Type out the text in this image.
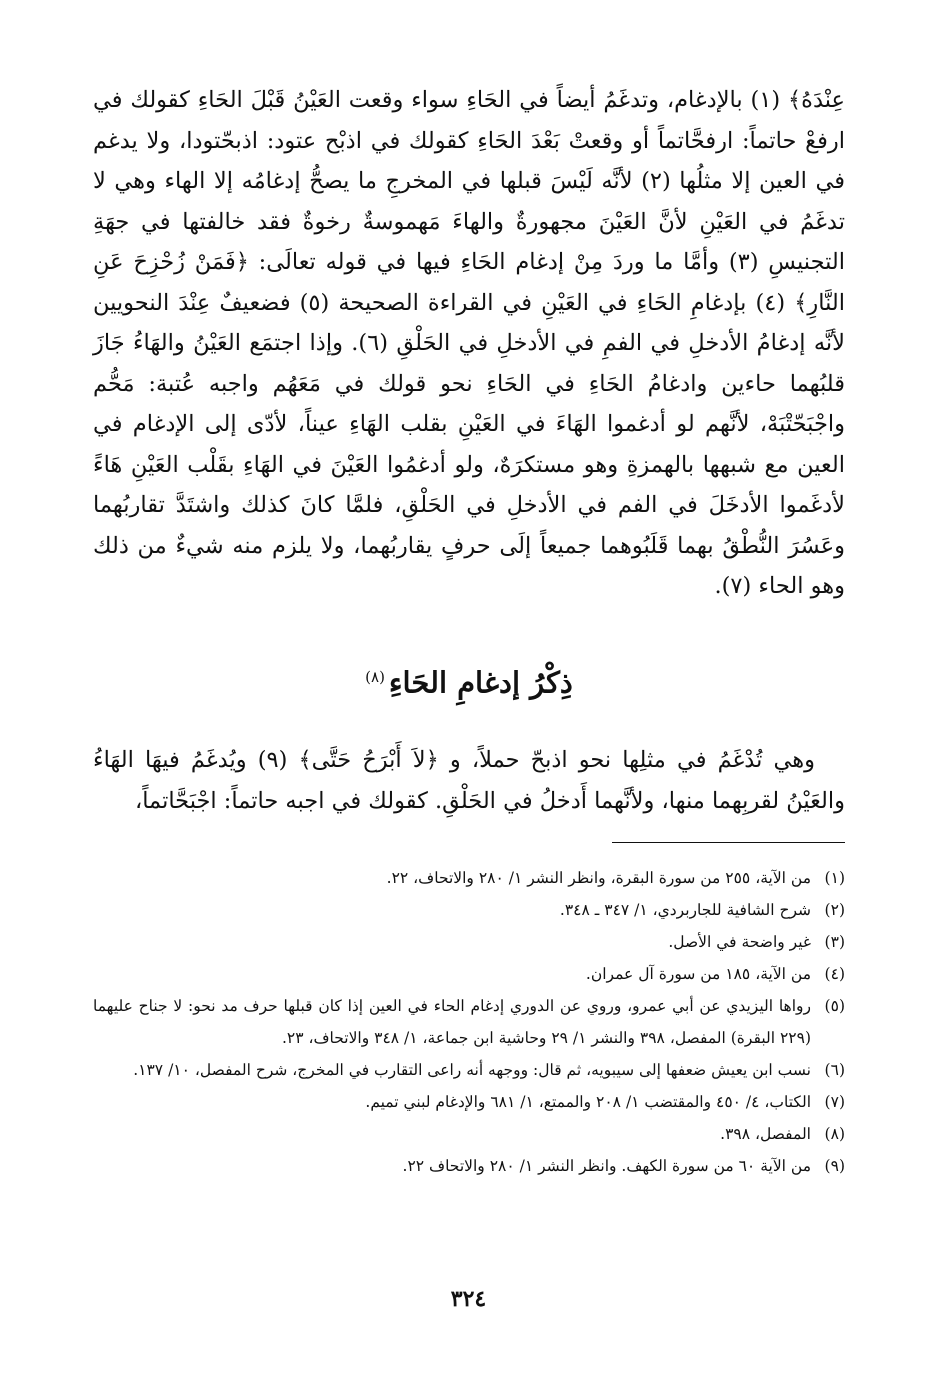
عِنْدَهُ﴾ (١) بالإدغام، وتدغَمُ أيضاً في الحَاءِ سواء وقعت العَيْنُ قَبْلَ الحَاءِ كقولك في ارفعْ حاتماً: ارفحَّاتماً أو وقعتْ بَعْدَ الحَاءِ كقولك في اذبْح عتود: اذبحّتودا، ولا يدغم في العين إلا مثلُها (٢) لأنَّه لَيْسَ قبلها في المخرجِ ما يصحُّ إدغامُه إلا الهاء وهي لا تدغَمُ في العَيْنِ لأنَّ العَيْنَ مجهورةٌ والهاءَ مَهموسةٌ رخوةٌ فقد خالفتها في جهَةِ التجنيسِ (٣) وأمَّا ما وردَ مِنْ إدغام الحَاءِ فيها في قوله تعالَى: ﴿فَمَنْ زُحْزِحَ عَنِ النَّارِ﴾ (٤) بإدغامِ الحَاءِ في العَيْنِ في القراءة الصحيحة (٥) فضعيفٌ عِنْدَ النحويين لأنَّه إدغامُ الأدخلِ في الفمِ في الأدخلِ في الحَلْقِ (٦). وإذا اجتمَع العَيْنُ والهَاءُ جَازَ قلبُهما حاءين وادغامُ الحَاءِ في الحَاءِ نحو قولك في مَعَهُم واجبه عُتبة: مَحُّم واجْبَحّتْبَهْ، لأنَّهم لو أدغموا الهَاءَ في العَيْنِ بقلب الهَاءِ عيناً، لأدّى إلى الإدغام في العين مع شبهها بالهمزةِ وهو مستكرَهٌ، ولو أدغمُوا العَيْنَ في الهَاءِ بقَلْب العَيْنِ هَاءً لأدغَموا الأدخَلَ في الفم في الأدخلِ في الحَلْقِ، فلمَّا كانَ كذلك واشتَدَّ تقاربُهما وعَسُرَ النُّطْقُ بهما قَلَبُوهما جميعاً إلَى حرفٍ يقاربُهما، ولا يلزم منه شيءٌ من ذلك وهو الحاء (٧).

ذِكْرُ إدغامِ الحَاءِ$^{(٨)}$

وهي تُدْغَمُ في مثلِها نحو اذبحّ حملاً، و ﴿لاَ أَبْرَحُ حَتَّى﴾ (٩) ويُدغَمُ فيهَا الهَاءُ والعَيْنُ لقربِهما منها، ولأنَّهما أَدخلُ في الحَلْقِ. كقولك في اجبه حاتماً: اجْبَحَّاتماً،

(١)
من الآية، ٢٥٥ من سورة البقرة، وانظر النشر ١/ ٢٨٠ والاتحاف، ٢٢.
(٢)
شرح الشافية للجاربردي، ١/ ٣٤٧ ـ ٣٤٨.
(٣)
غير واضحة في الأصل.
(٤)
من الآية، ١٨٥ من سورة آل عمران.
(٥)
رواها اليزيدي عن أبي عمرو، وروي عن الدوري إدغام الحاء في العين إذا كان قبلها حرف مد نحو: لا جناح عليهما (٢٢٩ البقرة) المفصل، ٣٩٨ والنشر ١/ ٢٩ وحاشية ابن جماعة، ١/ ٣٤٨ والاتحاف، ٢٣.
(٦)
نسب ابن يعيش ضعفها إلى سيبويه، ثم قال: ووجهه أنه راعى التقارب في المخرج، شرح المفصل، ١٠/ ١٣٧.
(٧)
الكتاب، ٤/ ٤٥٠ والمقتضب ١/ ٢٠٨ والممتع، ١/ ٦٨١ والإدغام لبني تميم.
(٨)
المفصل، ٣٩٨.
(٩)
من الآية ٦٠ من سورة الكهف. وانظر النشر ١/ ٢٨٠ والاتحاف ٢٢.
٣٢٤
